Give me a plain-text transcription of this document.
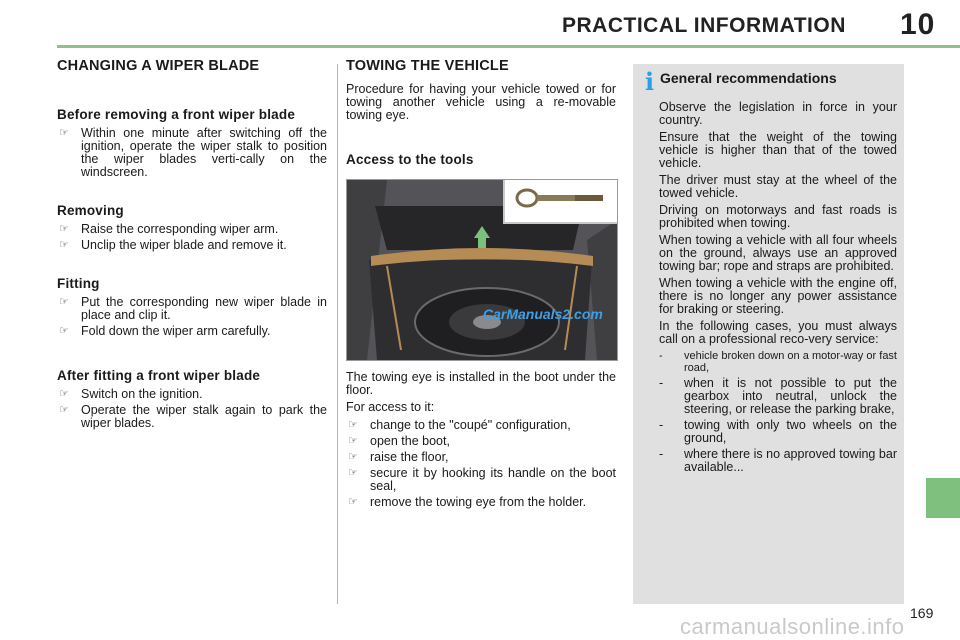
PRACTICAL INFORMATION 10
CHANGING A WIPER BLADE
Before removing a front wiper blade
☞ Within one minute after switching off the ignition, operate the wiper stalk to position the wiper blades verti-cally on the windscreen.
Removing
☞ Raise the corresponding wiper arm.
☞ Unclip the wiper blade and remove it.
Fitting
☞ Put the corresponding new wiper blade in place and clip it.
☞ Fold down the wiper arm carefully.
After fitting a front wiper blade
☞ Switch on the ignition.
☞ Operate the wiper stalk again to park the wiper blades.
TOWING THE VEHICLE

Procedure for having your vehicle towed or for towing another vehicle using a re-movable towing eye.

Access to the tools
CarManuals2.com

The towing eye is installed in the boot under the floor.

For access to it:

☞ change to the "coupé" configuration,
☞ open the boot,
☞ raise the floor,
☞ secure it by hooking its handle on the boot seal,
☞ remove the towing eye from the holder.
i General recommendations

Observe the legislation in force in your country.

Ensure that the weight of the towing vehicle is higher than that of the towed vehicle.

The driver must stay at the wheel of the towed vehicle.

Driving on motorways and fast roads is prohibited when towing.

When towing a vehicle with all four wheels on the ground, always use an approved towing bar; rope and straps are prohibited.

When towing a vehicle with the engine off, there is no longer any power assistance for braking or steering.

In the following cases, you must always call on a professional reco-very service:

- vehicle broken down on a motor-way or fast road,
- when it is not possible to put the gearbox into neutral, unlock the steering, or release the parking brake,
- towing with only two wheels on the ground,
- where there is no approved towing bar available...
169
carmanualsonline.info
